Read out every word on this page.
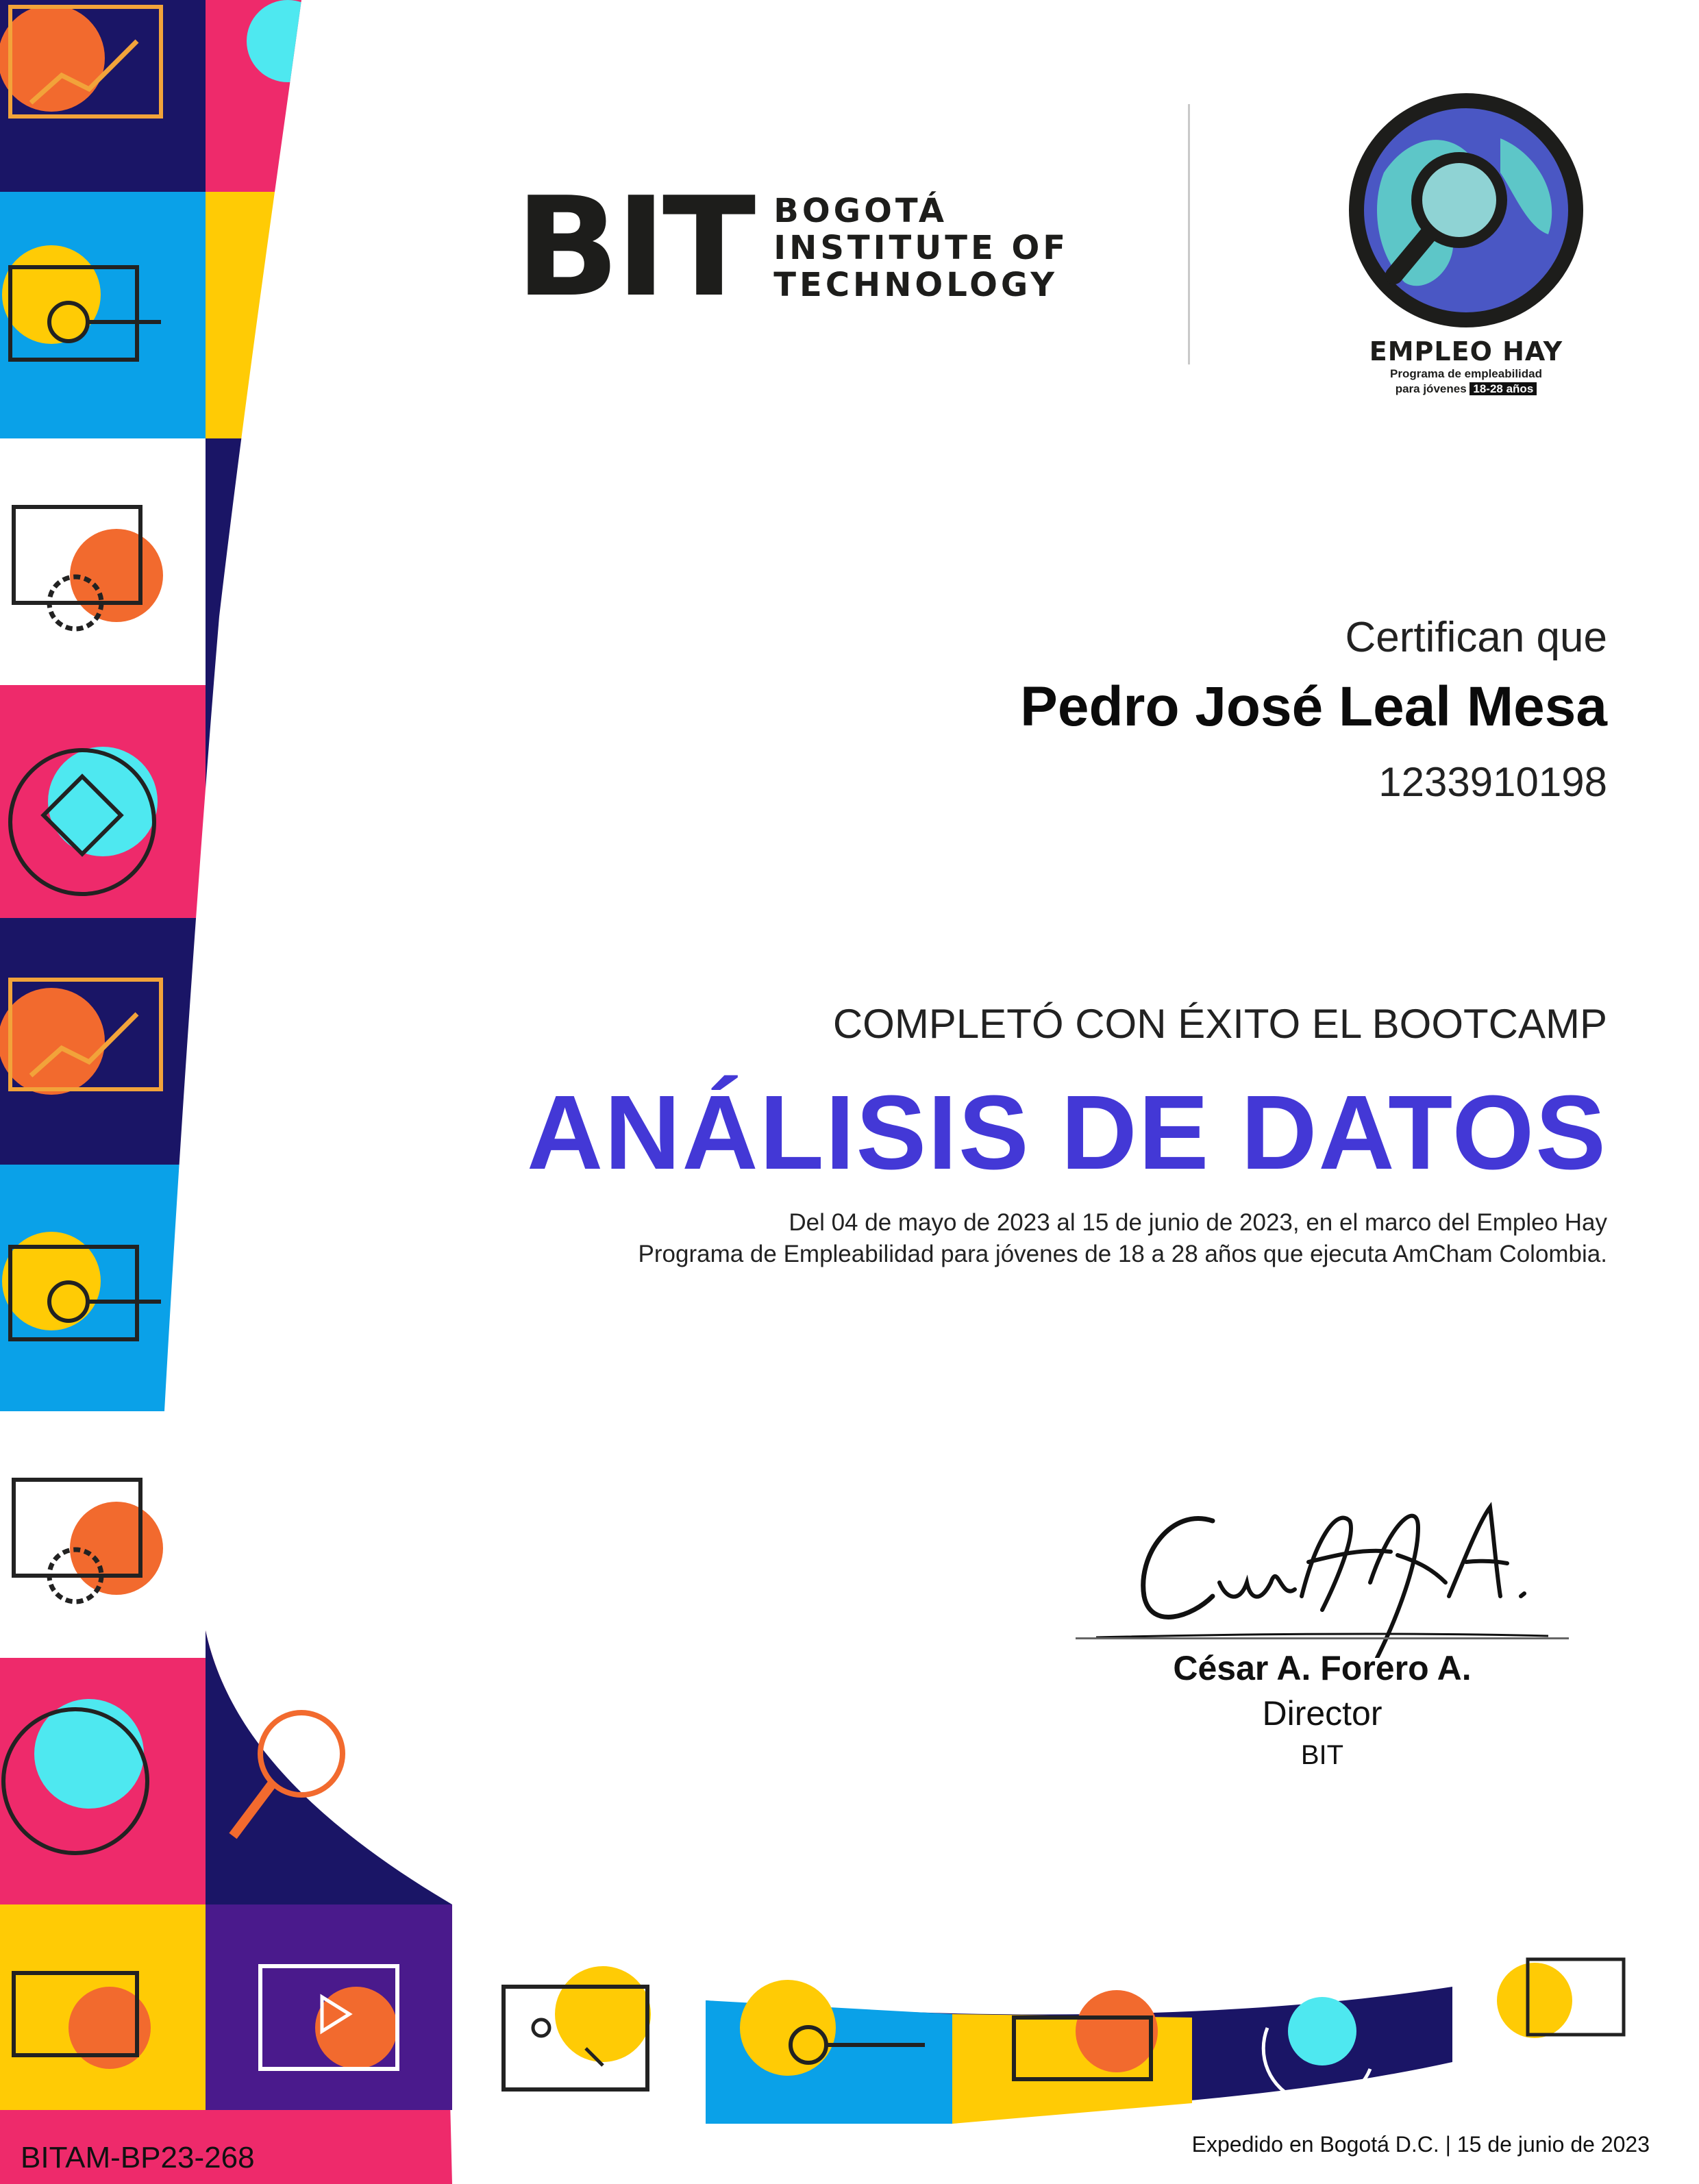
BIT BOGOTÁ
INSTITUTE OF
TECHNOLOGY
EMPLEO HAY
Programa de empleabilidad
para jóvenes 18-28 años
Certifican que
Pedro José Leal Mesa
1233910198
COMPLETÓ CON ÉXITO EL BOOTCAMP
ANÁLISIS DE DATOS
Del 04 de mayo de 2023 al 15 de junio de 2023, en el marco del Empleo Hay
Programa de Empleabilidad para jóvenes de 18 a 28 años que ejecuta AmCham Colombia.
César A. Forero A.
Director
BIT
BITAM-BP23-268	Expedido en Bogotá D.C. | 15 de junio de 2023
